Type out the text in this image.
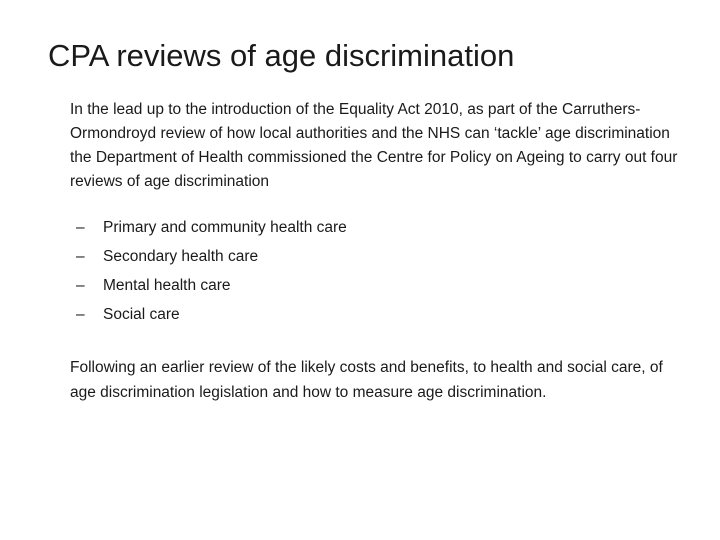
CPA reviews of age discrimination
In the lead up to the introduction of the Equality Act 2010, as part of the Carruthers-Ormondroyd review of how local authorities and the NHS can ‘tackle’ age discrimination the Department of Health commissioned the Centre for Policy on Ageing to carry out four reviews of age discrimination
– Primary and community health care
– Secondary health care
– Mental health care
– Social care
Following an earlier review of the likely costs and benefits, to health and social care, of age discrimination legislation and how to measure age discrimination.
